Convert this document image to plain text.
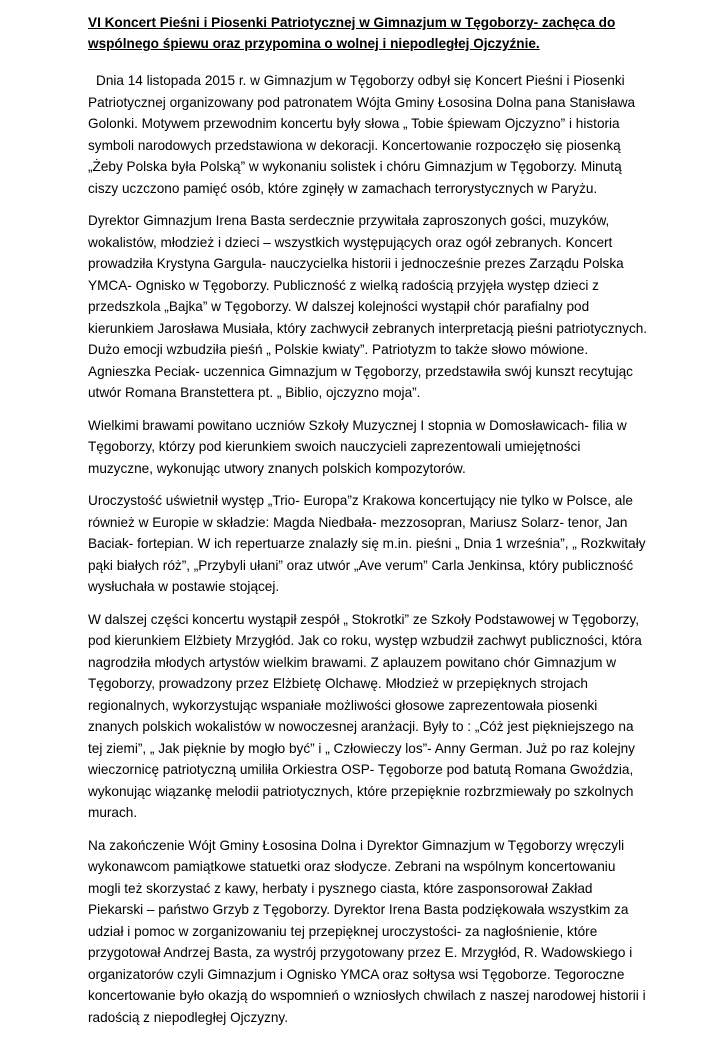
VI Koncert Pieśni i Piosenki Patriotycznej w Gimnazjum w Tęgoborzy- zachęca do wspólnego śpiewu oraz przypomina o wolnej i niepodległej Ojczyźnie.

Dnia 14 listopada 2015 r. w Gimnazjum w Tęgoborzy odbył się Koncert Pieśni i Piosenki Patriotycznej organizowany pod patronatem Wójta Gminy Łososina Dolna pana Stanisława Golonki. Motywem przewodnim koncertu były słowa „ Tobie śpiewam Ojczyzno” i historia symboli narodowych przedstawiona w dekoracji. Koncertowanie rozpoczęło się piosenką „Żeby Polska była Polską” w wykonaniu solistek i chóru Gimnazjum w Tęgoborzy. Minutą ciszy uczczono pamięć osób, które zginęły w zamachach terrorystycznych w Paryżu.

Dyrektor Gimnazjum Irena Basta serdecznie przywitała zaproszonych gości, muzyków, wokalistów, młodzież i dzieci – wszystkich występujących oraz ogół zebranych. Koncert prowadziła Krystyna Gargula- nauczycielka historii i jednocześnie prezes Zarządu Polska YMCA- Ognisko w Tęgoborzy. Publiczność z wielką radością przyjęła występ dzieci z przedszkola „Bajka” w Tęgoborzy. W dalszej kolejności wystąpił chór parafialny pod kierunkiem Jarosława Musiała, który zachwycił zebranych interpretacją pieśni patriotycznych. Dużo emocji wzbudziła pieśń „ Polskie kwiaty”. Patriotyzm to także słowo mówione. Agnieszka Peciak- uczennica Gimnazjum w Tęgoborzy, przedstawiła swój kunszt recytując utwór Romana Branstettera pt. „ Biblio, ojczyzno moja”.

Wielkimi brawami powitano uczniów Szkoły Muzycznej I stopnia w Domosławicach- filia w Tęgoborzy, którzy pod kierunkiem swoich nauczycieli zaprezentowali umiejętności muzyczne, wykonując utwory znanych polskich kompozytorów.

Uroczystość uświetnił występ „Trio- Europa”z Krakowa koncertujący nie tylko w Polsce, ale również w Europie w składzie: Magda Niedbała- mezzosopran, Mariusz Solarz- tenor, Jan Baciak- fortepian. W ich repertuarze znalazły się m.in. pieśni „ Dnia 1 września”, „ Rozkwitały pąki białych róż”, „Przybyli ułani” oraz utwór „Ave verum” Carla Jenkinsa, który publiczność wysłuchała w postawie stojącej.

W dalszej części koncertu wystąpił zespół „ Stokrotki” ze Szkoły Podstawowej w Tęgoborzy, pod kierunkiem Elżbiety Mrzygłód. Jak co roku, występ wzbudził zachwyt publiczności, która nagrodziła młodych artystów wielkim brawami. Z aplauzem powitano chór Gimnazjum w Tęgoborzy, prowadzony przez Elżbietę Olchawę. Młodzież w przepięknych strojach regionalnych, wykorzystując wspaniałe możliwości głosowe zaprezentowała piosenki znanych polskich wokalistów w nowoczesnej aranżacji. Były to : „Cóż jest piękniejszego na tej ziemi”, „ Jak pięknie by mogło być” i „ Człowieczy los”- Anny German. Już po raz kolejny wieczornicę patriotyczną umiliła Orkiestra OSP- Tęgoborze pod batutą Romana Gwoździa, wykonując wiązankę melodii patriotycznych, które przepięknie rozbrzmiewały po szkolnych murach.

Na zakończenie Wójt Gminy Łososina Dolna i Dyrektor Gimnazjum w Tęgoborzy wręczyli wykonawcom pamiątkowe statuetki oraz słodycze. Zebrani na wspólnym koncertowaniu mogli też skorzystać z kawy, herbaty i pysznego ciasta, które zasponsorował Zakład Piekarski – państwo Grzyb z Tęgoborzy. Dyrektor Irena Basta podziękowała wszystkim za udział i pomoc w zorganizowaniu tej przepięknej uroczystości- za nagłośnienie, które przygotował Andrzej Basta, za wystrój przygotowany przez E. Mrzygłód, R. Wadowskiego i organizatorów czyli Gimnazjum i Ognisko YMCA oraz sołtysa wsi Tęgoborze. Tegoroczne koncertowanie było okazją do wspomnień o wzniosłych chwilach z naszej narodowej historii i radością z niepodległej Ojczyzny.
